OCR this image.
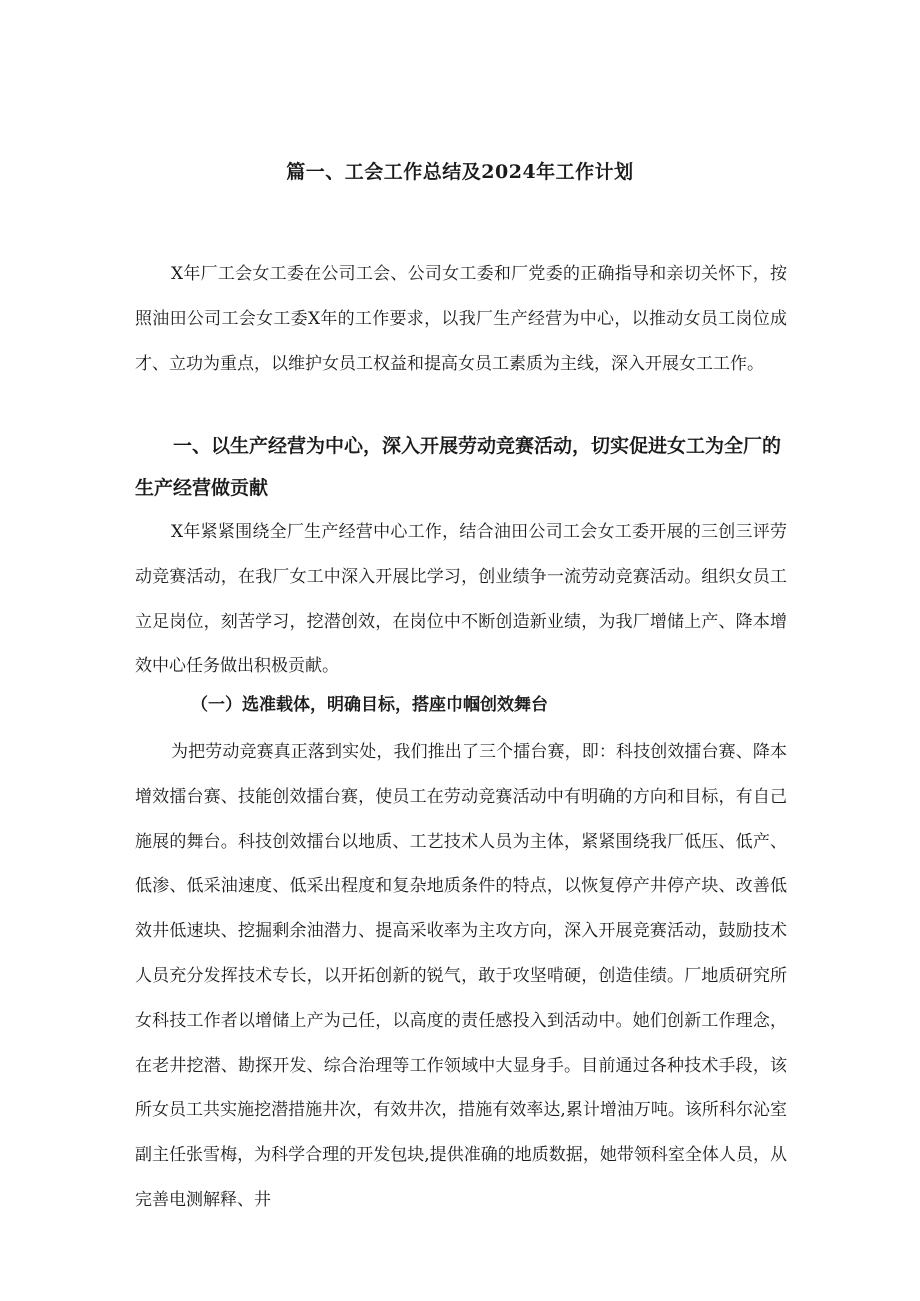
篇一、工会工作总结及2024年工作计划

X年厂工会女工委在公司工会、公司女工委和厂党委的正确指导和亲切关怀下，按照油田公司工会女工委X年的工作要求，以我厂生产经营为中心，以推动女员工岗位成才、立功为重点，以维护女员工权益和提高女员工素质为主线，深入开展女工工作。

一、以生产经营为中心，深入开展劳动竞赛活动，切实促进女工为全厂的生产经营做贡献

X年紧紧围绕全厂生产经营中心工作，结合油田公司工会女工委开展的三创三评劳动竞赛活动，在我厂女工中深入开展比学习，创业绩争一流劳动竞赛活动。组织女员工立足岗位，刻苦学习，挖潜创效，在岗位中不断创造新业绩，为我厂增储上产、降本增效中心任务做出积极贡献。

（一）选准载体，明确目标，搭座巾帼创效舞台

为把劳动竞赛真正落到实处，我们推出了三个擂台赛，即：科技创效擂台赛、降本增效擂台赛、技能创效擂台赛，使员工在劳动竞赛活动中有明确的方向和目标，有自己施展的舞台。科技创效擂台以地质、工艺技术人员为主体，紧紧围绕我厂低压、低产、低渗、低采油速度、低采出程度和复杂地质条件的特点，以恢复停产井停产块、改善低效井低速块、挖掘剩余油潜力、提高采收率为主攻方向，深入开展竞赛活动，鼓励技术人员充分发挥技术专长，以开拓创新的锐气，敢于攻坚啃硬，创造佳绩。厂地质研究所女科技工作者以增储上产为己任，以高度的责任感投入到活动中。她们创新工作理念，在老井挖潜、勘探开发、综合治理等工作领域中大显身手。目前通过各种技术手段，该所女员工共实施挖潜措施井次，有效井次，措施有效率达,累计增油万吨。该所科尔沁室副主任张雪梅，为科学合理的开发包块,提供准确的地质数据，她带领科室全体人员，从完善电测解释、井
